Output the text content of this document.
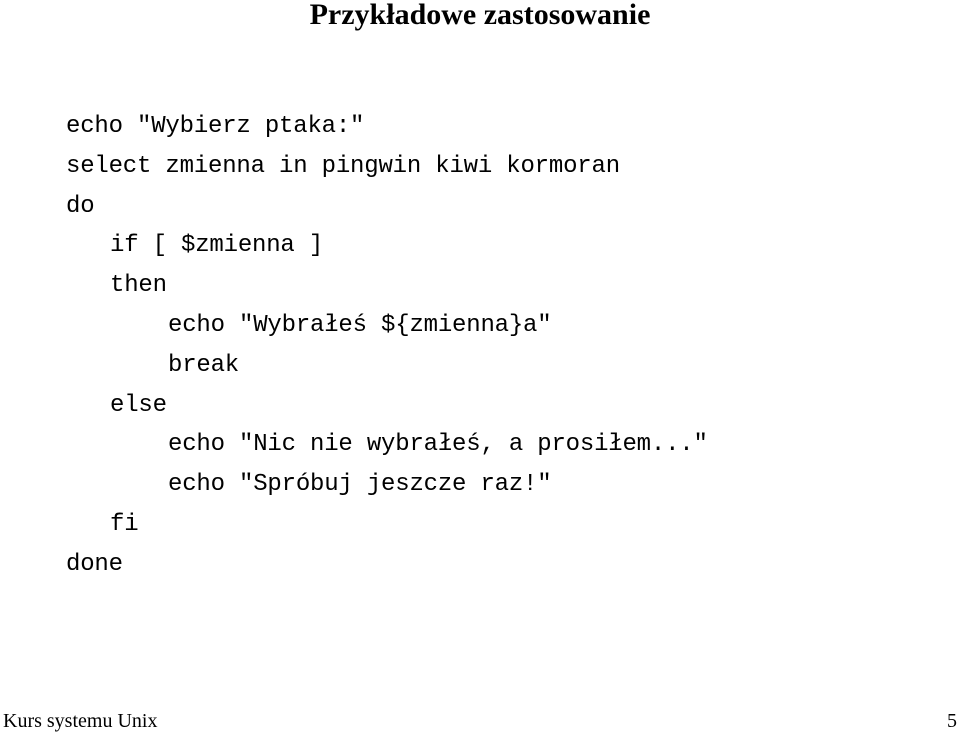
Przykładowe zastosowanie
echo "Wybierz ptaka:"
select zmienna in pingwin kiwi kormoran
do
if [ $zmienna ]
then
echo "Wybrałeś ${zmienna}a"
break
else
echo "Nic nie wybrałeś, a prosiłem..."
echo "Spróbuj jeszcze raz!"
fi
done
Kurs systemu Unix	5
